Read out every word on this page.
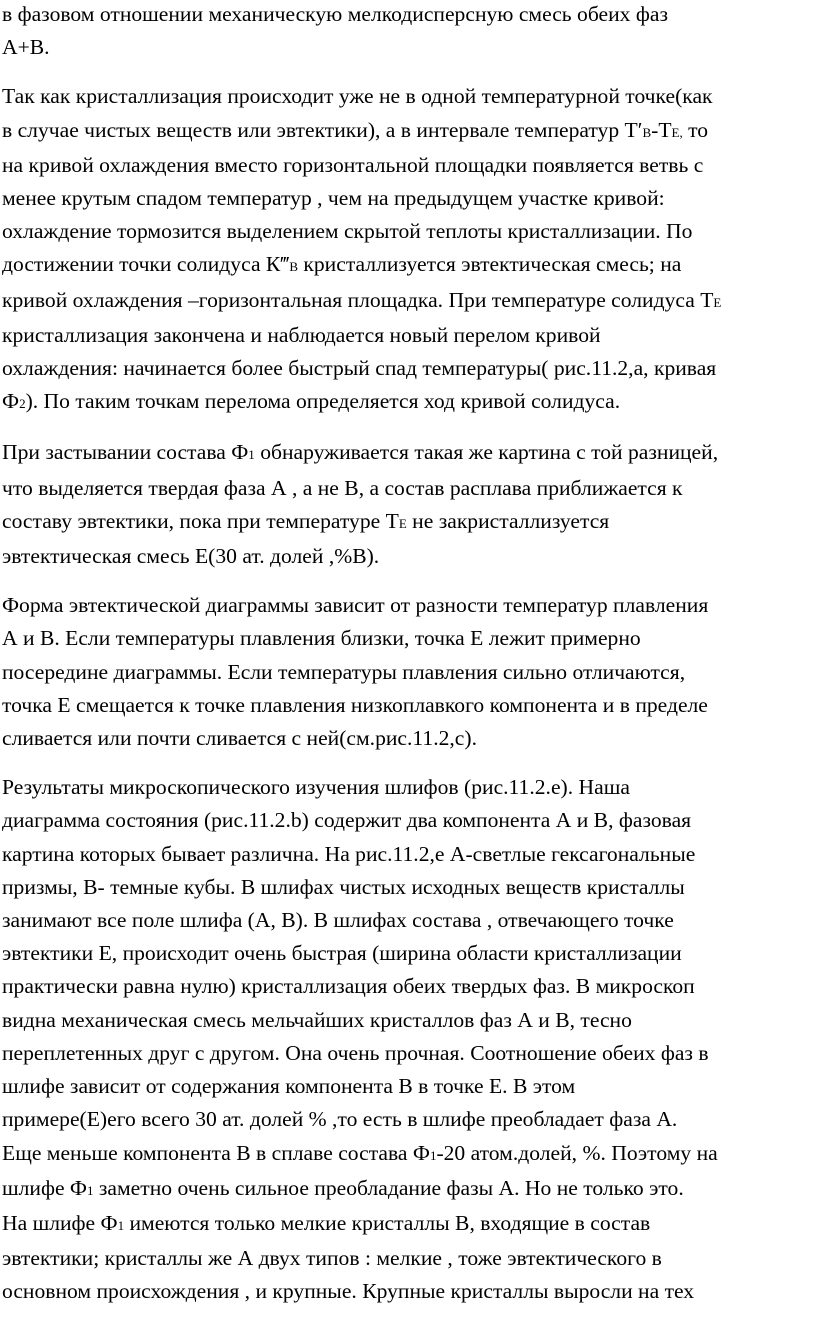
в фазовом отношении механическую мелкодисперсную смесь обеих фаз
А+В.

Так как кристаллизация происходит уже не в одной температурной точке(как
в случае чистых веществ или эвтектики), а в интервале температур Т′В-ТЕ, то
на кривой охлаждения вместо горизонтальной площадки появляется ветвь с
менее крутым спадом температур , чем на предыдущем участке кривой:
охлаждение тормозится выделением скрытой теплоты кристаллизации. По
достижении точки солидуса К‴В кристаллизуется эвтектическая смесь; на
кривой охлаждения –горизонтальная площадка. При температуре солидуса ТЕ
кристаллизация закончена и наблюдается новый перелом кривой
охлаждения: начинается более быстрый спад температуры( рис.11.2,а, кривая
Ф2). По таким точкам перелома определяется ход кривой солидуса.

При застывании состава Ф1 обнаруживается такая же картина с той разницей,
что выделяется твердая фаза А , а не В, а состав расплава приближается к
составу эвтектики, пока при температуре ТЕ не закристаллизуется
эвтектическая смесь Е(30 ат. долей ,%В).

Форма эвтектической диаграммы зависит от разности температур плавления
А и В. Если температуры плавления близки, точка Е лежит примерно
посередине диаграммы. Если температуры плавления сильно отличаются,
точка Е смещается к точке плавления низкоплавкого компонента и в пределе
сливается или почти сливается с ней(см.рис.11.2,с).

Результаты микроскопического изучения шлифов (рис.11.2.е). Наша
диаграмма состояния (рис.11.2.b) содержит два компонента А и В, фазовая
картина которых бывает различна. На рис.11.2,е А-светлые гексагональные
призмы, В- темные кубы. В шлифах чистых исходных веществ кристаллы
занимают все поле шлифа (А, В). В шлифах состава , отвечающего точке
эвтектики Е, происходит очень быстрая (ширина области кристаллизации
практически равна нулю) кристаллизация обеих твердых фаз. В микроскоп
видна механическая смесь мельчайших кристаллов фаз А и В, тесно
переплетенных друг с другом. Она очень прочная. Соотношение обеих фаз в
шлифе зависит от содержания компонента В в точке Е. В этом
примере(Е)его всего 30 ат. долей % ,то есть в шлифе преобладает фаза А.
Еще меньше компонента В в сплаве состава Ф1-20 атом.долей, %. Поэтому на
шлифе Ф1 заметно очень сильное преобладание фазы А. Но не только это.
На шлифе Ф1 имеются только мелкие кристаллы В, входящие в состав
эвтектики; кристаллы же А двух типов : мелкие , тоже эвтектического в
основном происхождения , и крупные. Крупные кристаллы выросли на тех
